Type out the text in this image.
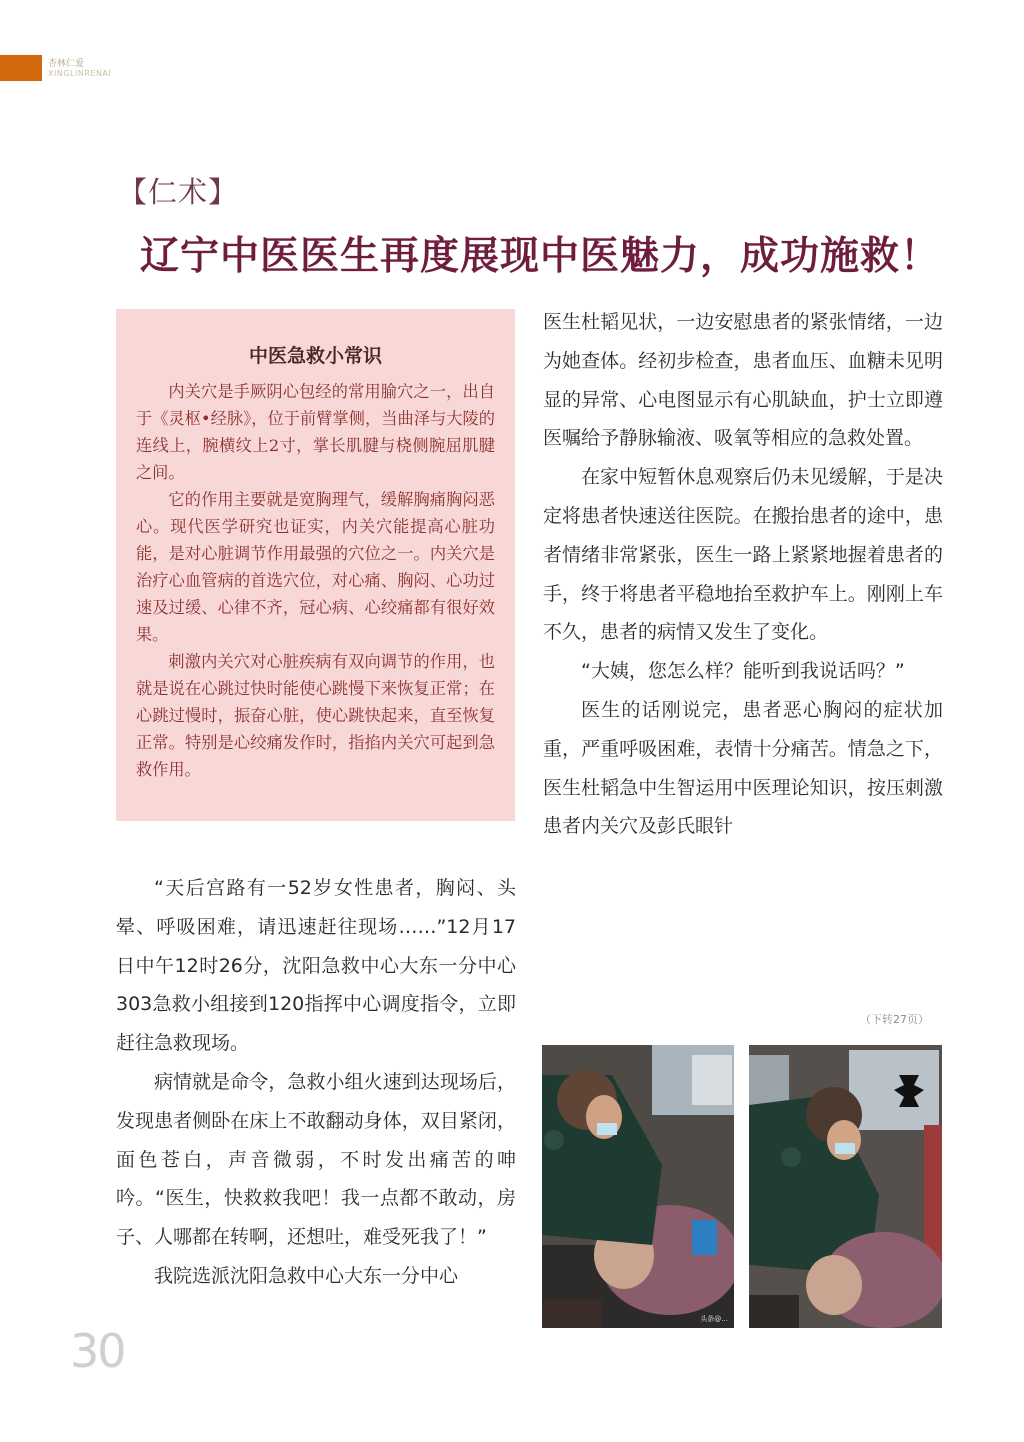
杏林仁爱
XINGLINRENAI
【仁术】
辽宁中医医生再度展现中医魅力，成功施救！
中医急救小常识

内关穴是手厥阴心包经的常用腧穴之一，出自于《灵枢•经脉》，位于前臂掌侧，当曲泽与大陵的连线上，腕横纹上2寸，掌长肌腱与桡侧腕屈肌腱之间。

它的作用主要就是宽胸理气，缓解胸痛胸闷恶心。现代医学研究也证实，内关穴能提高心脏功能，是对心脏调节作用最强的穴位之一。内关穴是治疗心血管病的首选穴位，对心痛、胸闷、心功过速及过缓、心律不齐，冠心病、心绞痛都有很好效果。

刺激内关穴对心脏疾病有双向调节的作用，也就是说在心跳过快时能使心跳慢下来恢复正常；在心跳过慢时，振奋心脏，使心跳快起来，直至恢复正常。特别是心绞痛发作时，指掐内关穴可起到急救作用。

“天后宫路有一52岁女性患者，胸闷、头晕、呼吸困难，请迅速赶往现场……”12月17日中午12时26分，沈阳急救中心大东一分中心303急救小组接到120指挥中心调度指令，立即赶往急救现场。

病情就是命令，急救小组火速到达现场后，发现患者侧卧在床上不敢翻动身体，双目紧闭，面色苍白，声音微弱，不时发出痛苦的呻吟。“医生，快救救我吧！我一点都不敢动，房子、人哪都在转啊，还想吐，难受死我了！”

我院选派沈阳急救中心大东一分中心

医生杜韬见状，一边安慰患者的紧张情绪，一边为她查体。经初步检查，患者血压、血糖未见明显的异常、心电图显示有心肌缺血，护士立即遵医嘱给予静脉输液、吸氧等相应的急救处置。

在家中短暂休息观察后仍未见缓解，于是决定将患者快速送往医院。在搬抬患者的途中，患者情绪非常紧张，医生一路上紧紧地握着患者的手，终于将患者平稳地抬至救护车上。刚刚上车不久，患者的病情又发生了变化。

“大姨，您怎么样？能听到我说话吗？”

医生的话刚说完，患者恶心胸闷的症状加重，严重呼吸困难，表情十分痛苦。情急之下，医生杜韬急中生智运用中医理论知识，按压刺激患者内关穴及彭氏眼针

（下转27页）
头条@...
30
